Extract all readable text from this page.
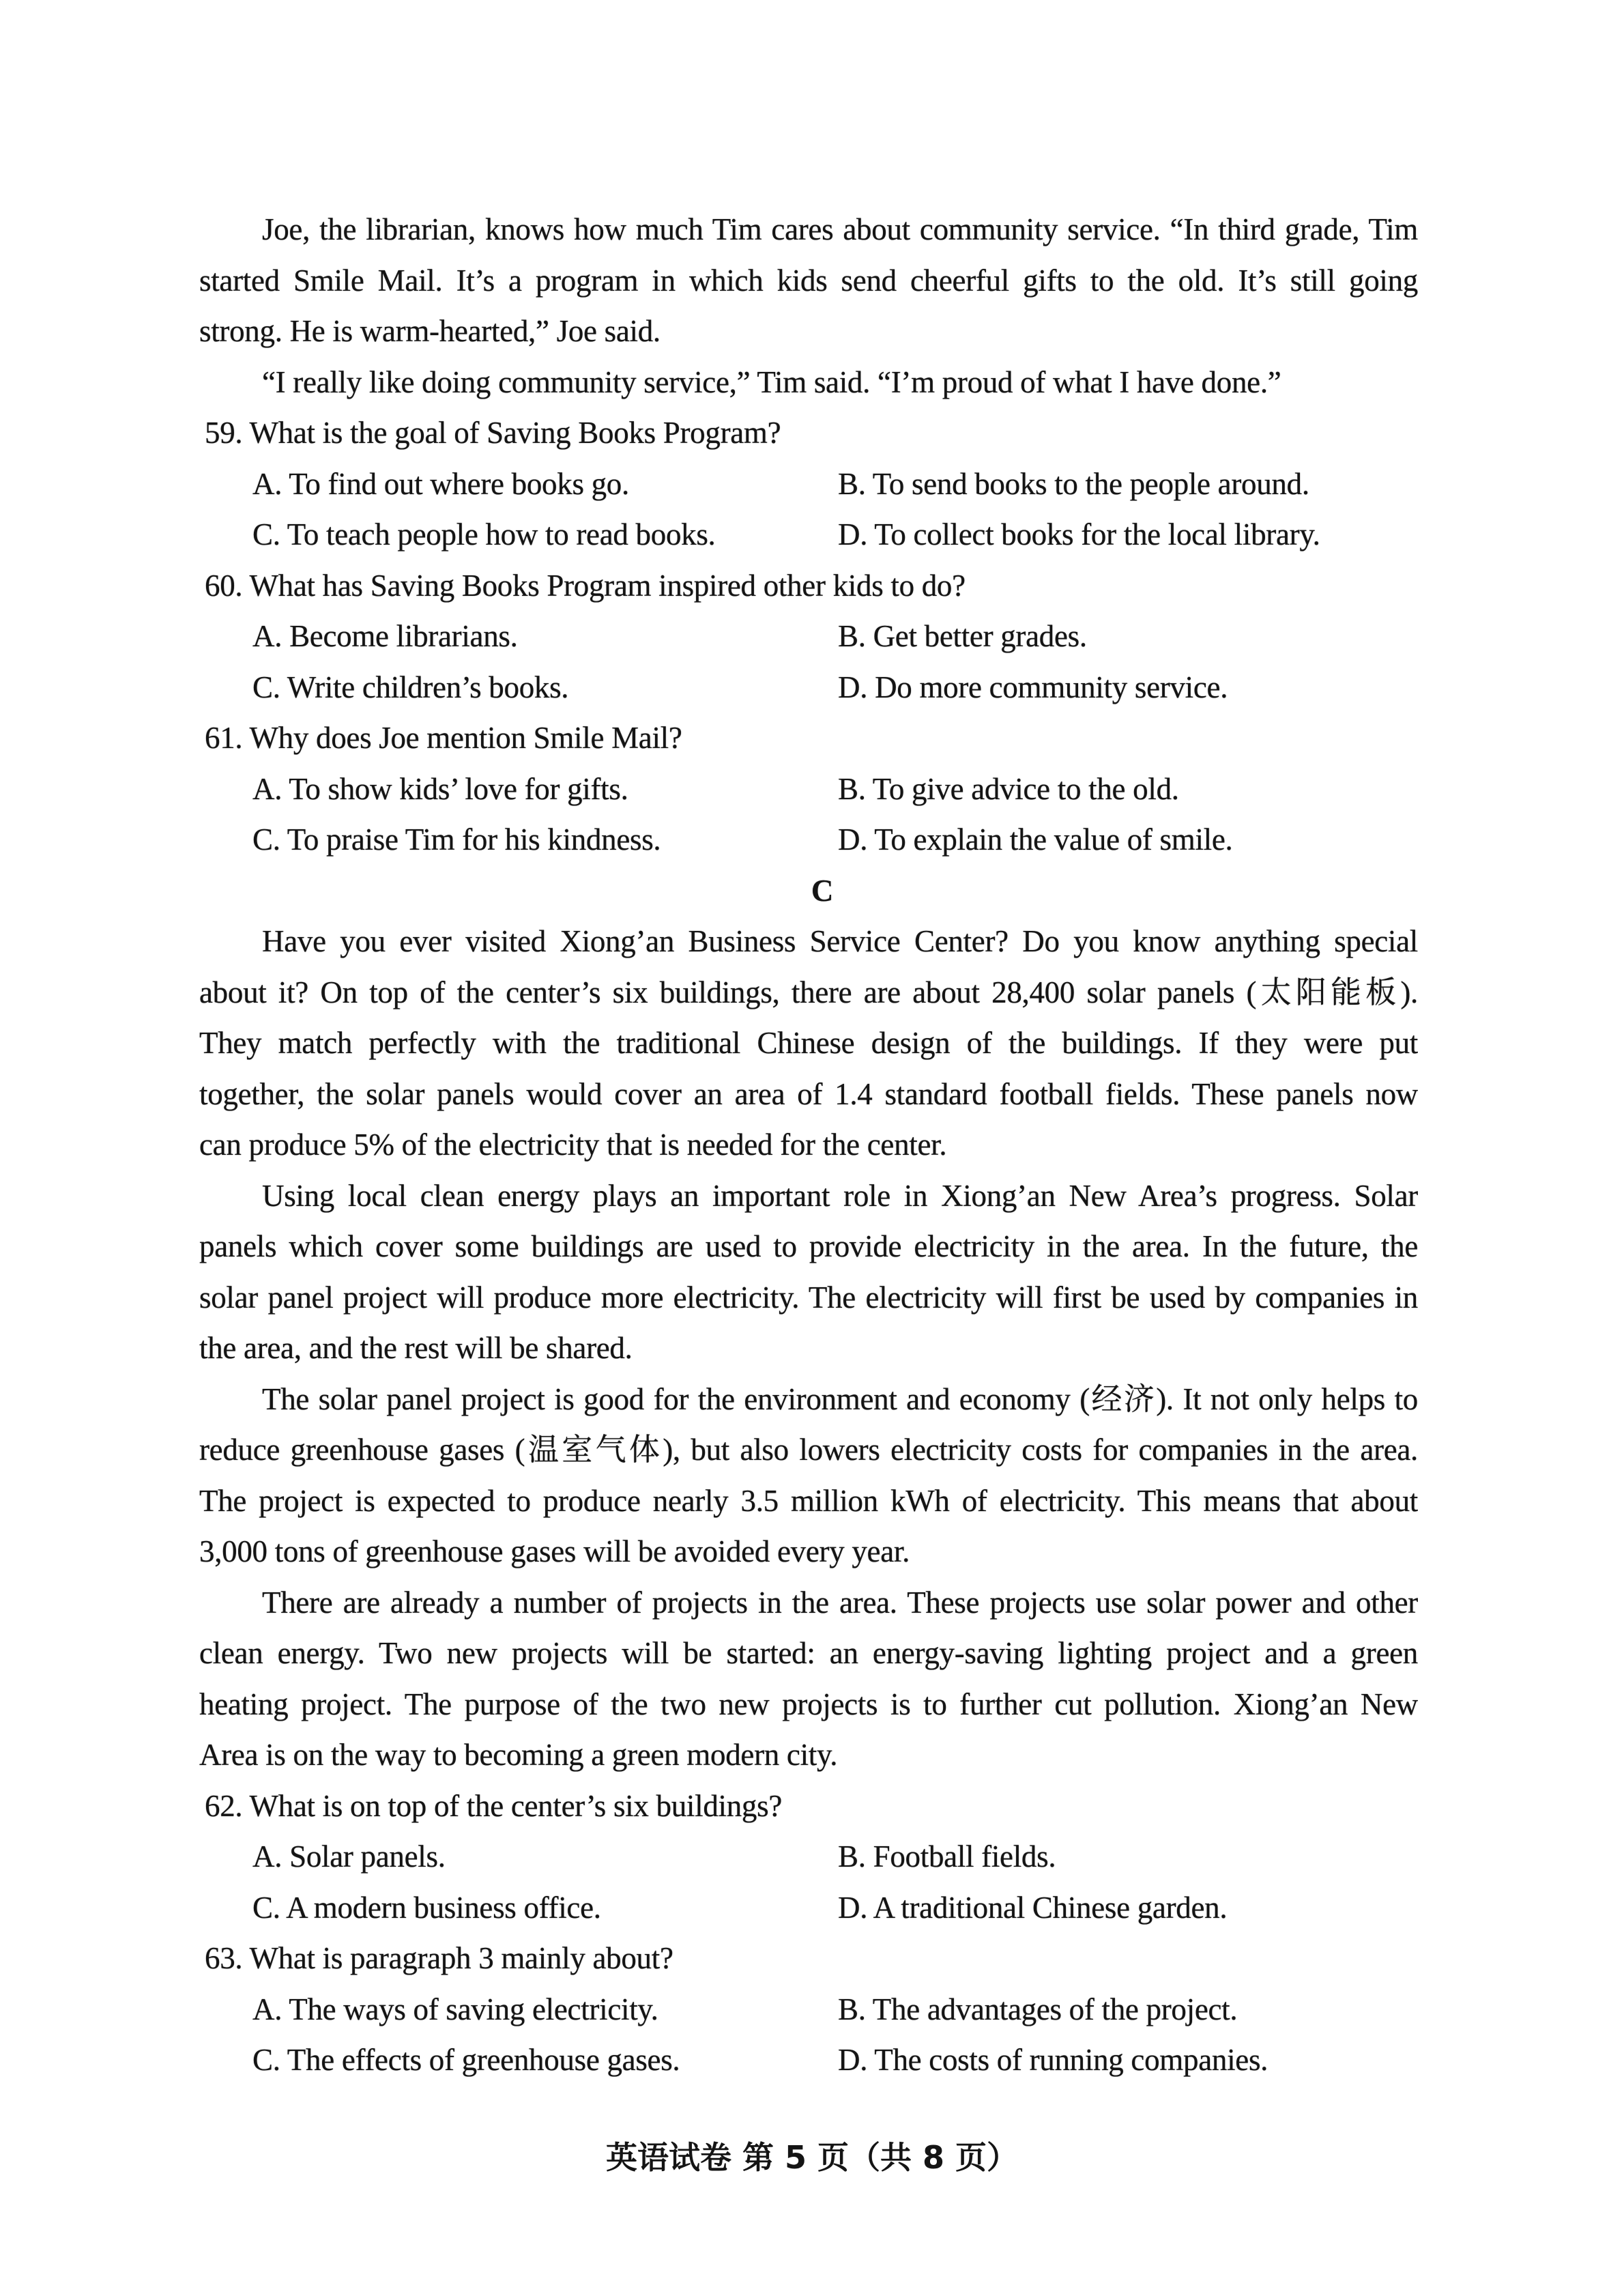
Joe, the librarian, knows how much Tim cares about community service. “In third grade, Tim
started Smile Mail. It’s a program in which kids send cheerful gifts to the old. It’s still going
strong. He is warm-hearted,” Joe said.
“I really like doing community service,” Tim said. “I’m proud of what I have done.”
59. What is the goal of Saving Books Program?
A. To find out where books go.	B. To send books to the people around.
C. To teach people how to read books.	D. To collect books for the local library.
60. What has Saving Books Program inspired other kids to do?
A. Become librarians.	B. Get better grades.
C. Write children’s books.	D. Do more community service.
61. Why does Joe mention Smile Mail?
A. To show kids’ love for gifts.	B. To give advice to the old.
C. To praise Tim for his kindness.	D. To explain the value of smile.
C
Have you ever visited Xiong’an Business Service Center? Do you know anything special
about it? On top of the center’s six buildings, there are about 28,400 solar panels (太阳能板).
They match perfectly with the traditional Chinese design of the buildings. If they were put
together, the solar panels would cover an area of 1.4 standard football fields. These panels now
can produce 5% of the electricity that is needed for the center.
Using local clean energy plays an important role in Xiong’an New Area’s progress. Solar
panels which cover some buildings are used to provide electricity in the area. In the future, the
solar panel project will produce more electricity. The electricity will first be used by companies in
the area, and the rest will be shared.
The solar panel project is good for the environment and economy (经济). It not only helps to
reduce greenhouse gases (温室气体), but also lowers electricity costs for companies in the area.
The project is expected to produce nearly 3.5 million kWh of electricity. This means that about
3,000 tons of greenhouse gases will be avoided every year.
There are already a number of projects in the area. These projects use solar power and other
clean energy. Two new projects will be started: an energy-saving lighting project and a green
heating project. The purpose of the two new projects is to further cut pollution. Xiong’an New
Area is on the way to becoming a green modern city.
62. What is on top of the center’s six buildings?
A. Solar panels.	B. Football fields.
C. A modern business office.	D. A traditional Chinese garden.
63. What is paragraph 3 mainly about?
A. The ways of saving electricity.	B. The advantages of the project.
C. The effects of greenhouse gases.	D. The costs of running companies.
英语试卷 第 5 页（共 8 页）
